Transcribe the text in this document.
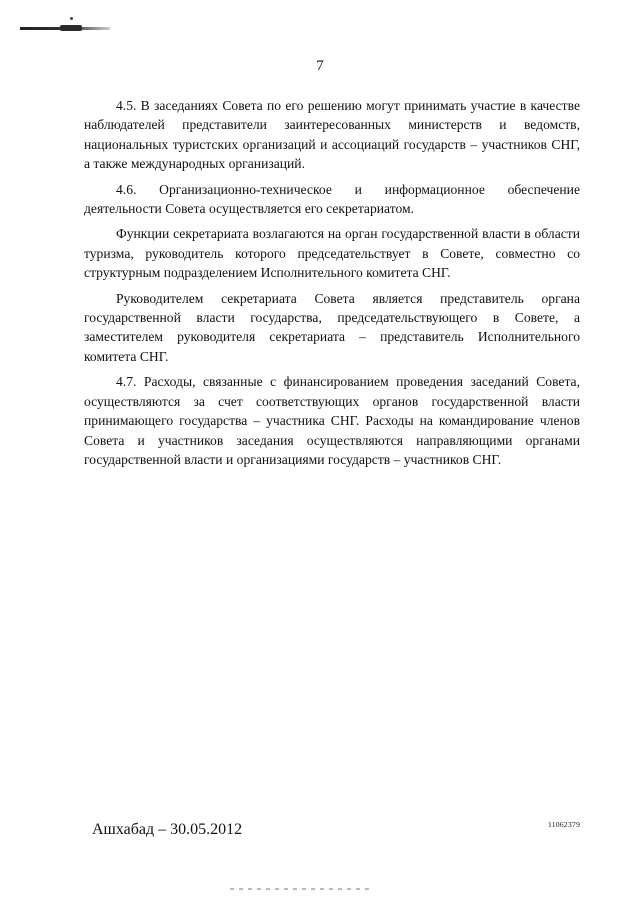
7

4.5. В заседаниях Совета по его решению могут принимать участие в качестве наблюдателей представители заинтересованных министерств и ведомств, национальных туристских организаций и ассоциаций государств – участников СНГ, а также международных организаций.

4.6. Организационно-техническое и информационное обеспечение деятельности Совета осуществляется его секретариатом.

Функции секретариата возлагаются на орган государственной власти в области туризма, руководитель которого председательствует в Совете, совместно со структурным подразделением Исполнительного комитета СНГ.

Руководителем секретариата Совета является представитель органа государственной власти государства, председательствующего в Совете, а заместителем руководителя секретариата – представитель Исполнительного комитета СНГ.

4.7. Расходы, связанные с финансированием проведения заседаний Совета, осуществляются за счет соответствующих органов государственной власти принимающего государства – участника СНГ. Расходы на командирование членов Совета и участников заседания осуществляются направляющими органами государственной власти и организациями государств – участников СНГ.

Ашхабад – 30.05.2012	11062379
